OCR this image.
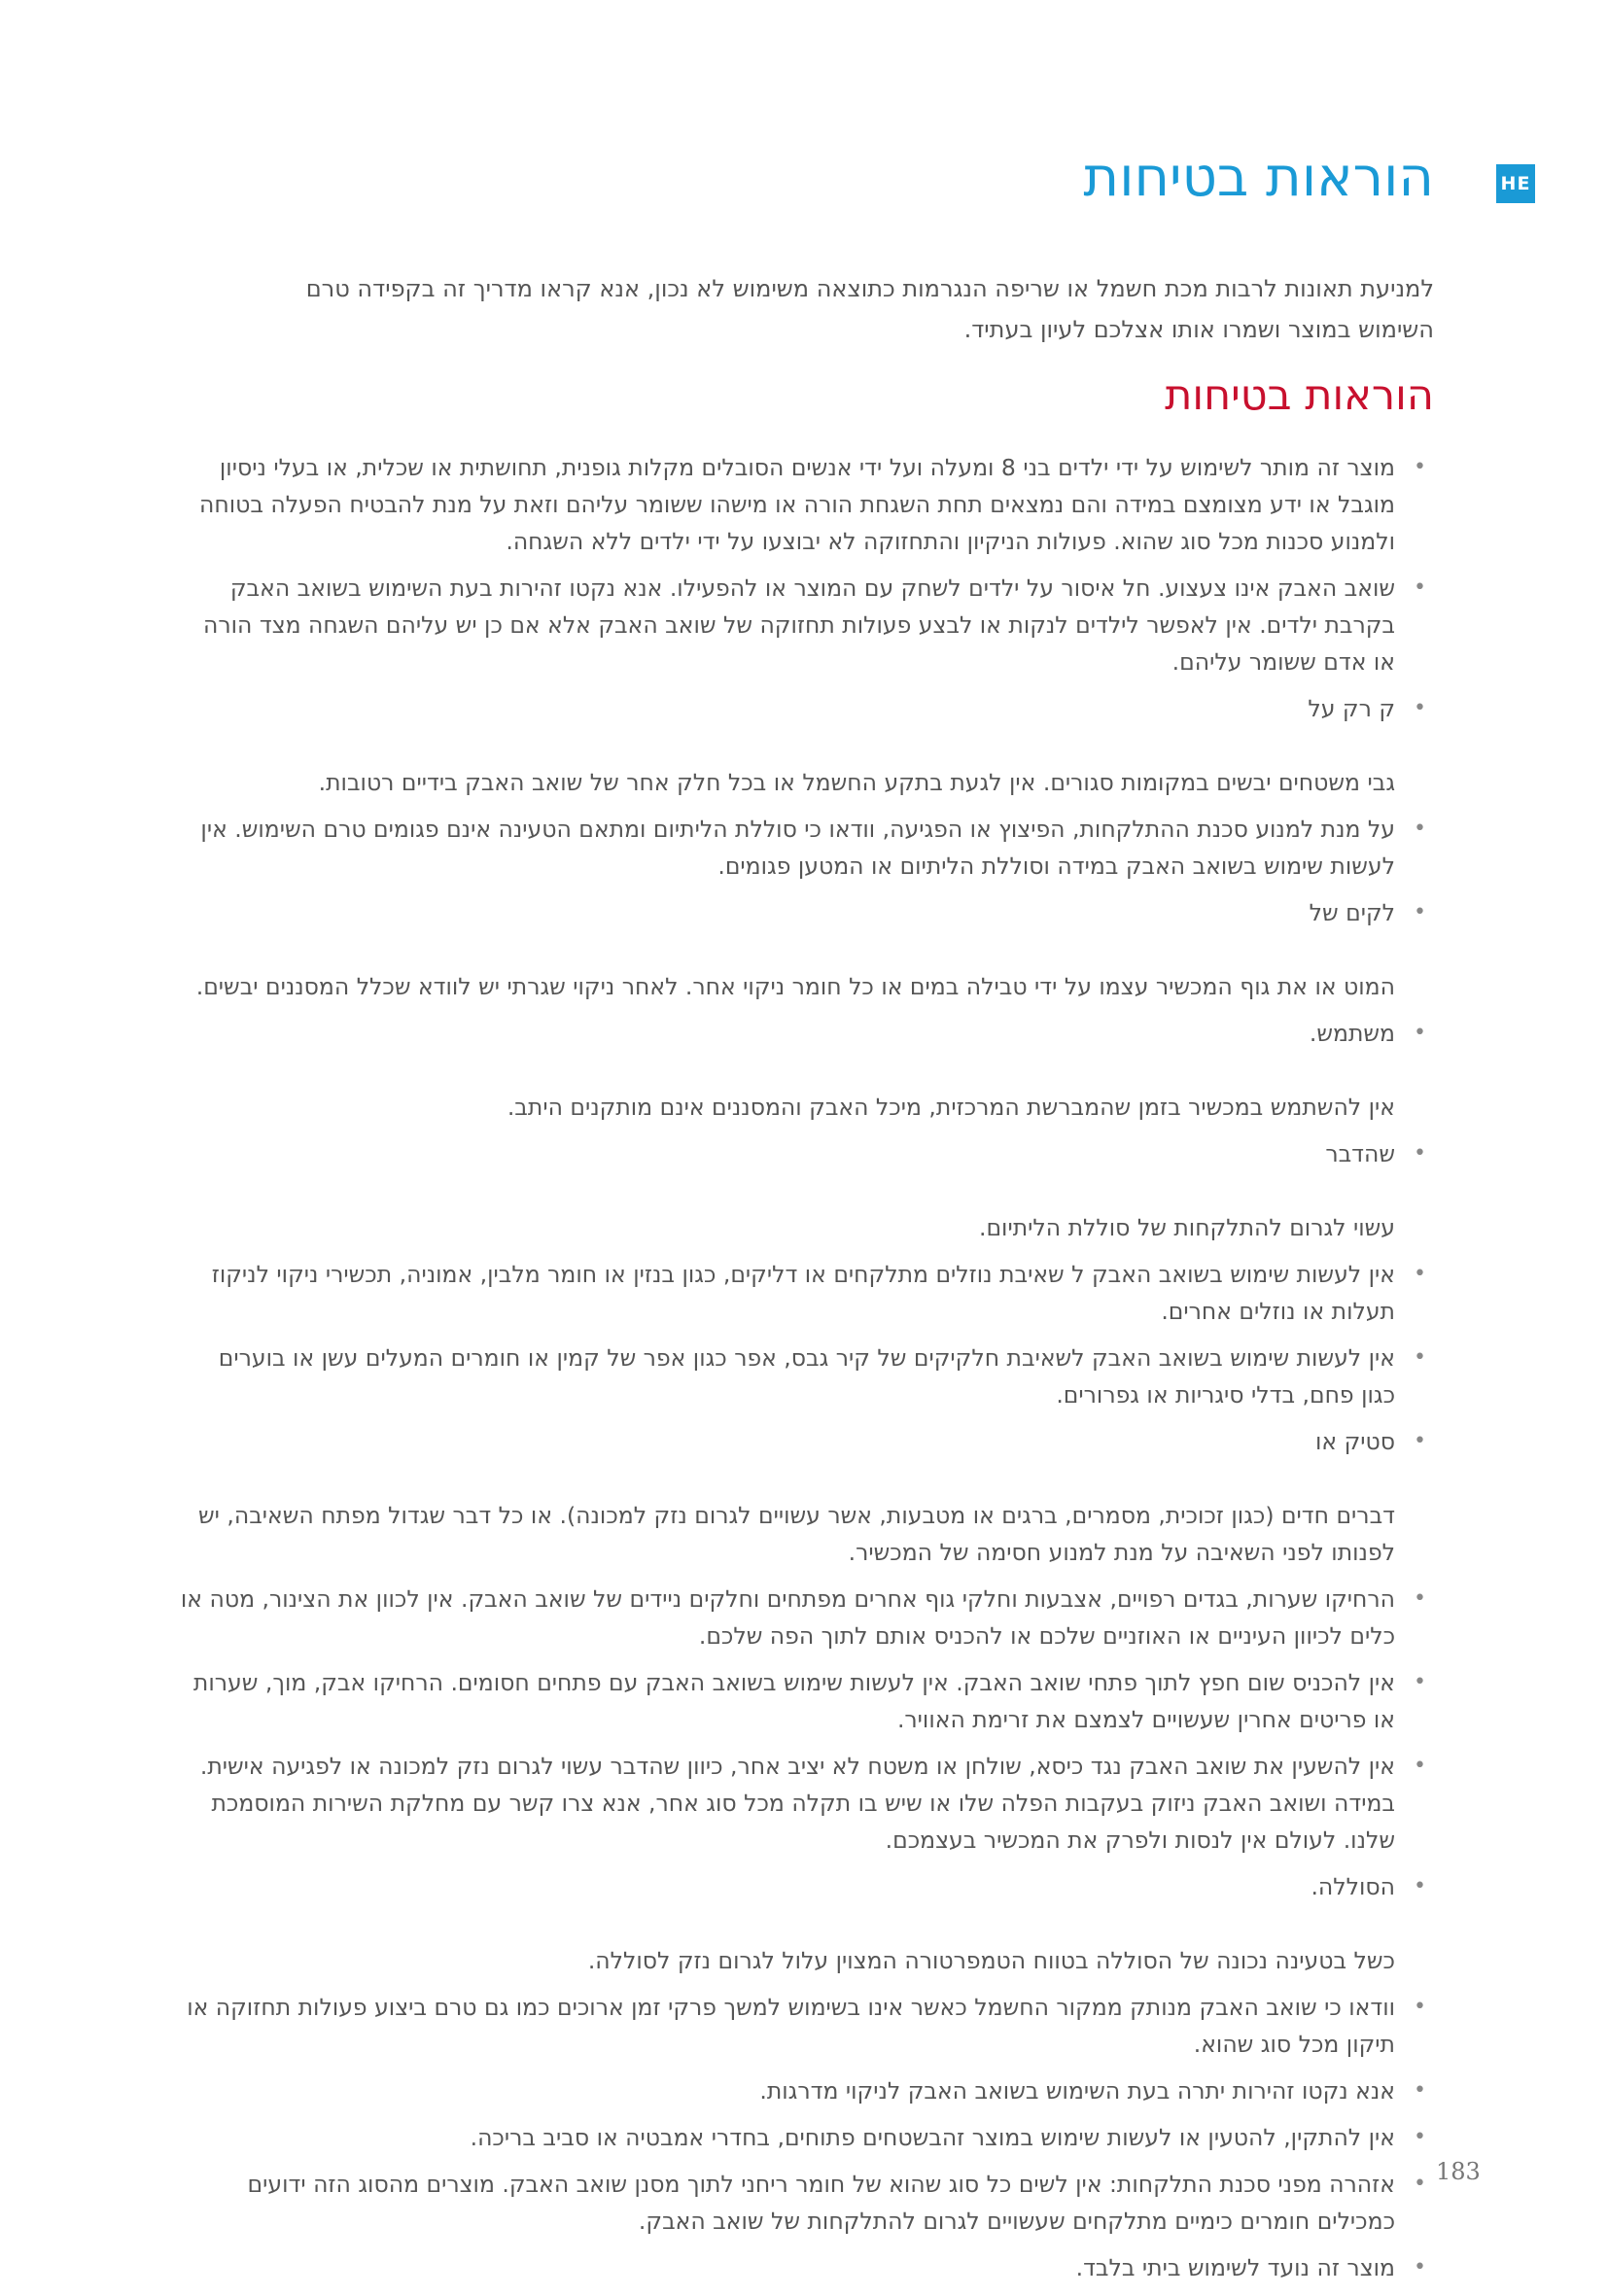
HE
הוראות בטיחות

למניעת תאונות לרבות מכת חשמל או שריפה הנגרמות כתוצאה משימוש לא נכון, אנא קראו מדריך זה בקפידה טרם השימוש במוצר ושמרו אותו אצלכם לעיון בעתיד.

הוראות בטיחות
•
מוצר זה מותר לשימוש על ידי ילדים בני 8 ומעלה ועל ידי אנשים הסובלים מקלות גופנית, תחושתית או שכלית, או בעלי ניסיון מוגבל או ידע מצומצם במידה והם נמצאים תחת השגחת הורה או מישהו ששומר עליהם וזאת על מנת להבטיח הפעלה בטוחה ולמנוע סכנות מכל סוג שהוא. פעולות הניקיון והתחזוקה לא יבוצעו על ידי ילדים ללא השגחה.
•
שואב האבק אינו צעצוע. חל איסור על ילדים לשחק עם המוצר או להפעילו. אנא נקטו זהירות בעת השימוש בשואב האבק בקרבת ילדים. אין לאפשר לילדים לנקות או לבצע פעולות תחזוקה של שואב האבק אלא אם כן יש עליהם השגחה מצד הורה או אדם ששומר עליהם.
•
ק רק על
גבי משטחים יבשים במקומות סגורים. אין לגעת בתקע החשמל או בכל חלק אחר של שואב האבק בידיים רטובות.
•
על מנת למנוע סכנת ההתלקחות, הפיצוץ או הפגיעה, וודאו כי סוללת הליתיום ומתאם הטעינה אינם פגומים טרם השימוש. אין לעשות שימוש בשואב האבק במידה וסוללת הליתיום או המטען פגומים.
•
לקים של
המוט או את גוף המכשיר עצמו על ידי טבילה במים או כל חומר ניקוי אחר. לאחר ניקוי שגרתי יש לוודא שכלל המסננים יבשים.
•
משתמש.
אין להשתמש במכשיר בזמן שהמברשת המרכזית, מיכל האבק והמסננים אינם מותקנים היתב.
•
שהדבר
עשוי לגרום להתלקחות של סוללת הליתיום.
•
אין לעשות שימוש בשואב האבק ל שאיבת נוזלים מתלקחים או דליקים, כגון בנזין או חומר מלבין, אמוניה, תכשירי ניקוי לניקוז תעלות או נוזלים אחרים.
•
אין לעשות שימוש בשואב האבק לשאיבת חלקיקים של קיר גבס, אפר כגון אפר של קמין או חומרים המעלים עשן או בוערים כגון פחם, בדלי סיגריות או גפרורים.
•
סטיק או
דברים חדים (כגון זכוכית, מסמרים, ברגים או מטבעות, אשר עשויים לגרום נזק למכונה). או כל דבר שגדול מפתח השאיבה, יש לפנותו לפני השאיבה על מנת למנוע חסימה של המכשיר.
•
הרחיקו שערות, בגדים רפויים, אצבעות וחלקי גוף אחרים מפתחים וחלקים ניידים של שואב האבק. אין לכוון את הצינור, מטה או כלים לכיוון העיניים או האוזניים שלכם או להכניס אותם לתוך הפה שלכם.
•
אין להכניס שום חפץ לתוך פתחי שואב האבק. אין לעשות שימוש בשואב האבק עם פתחים חסומים. הרחיקו אבק, מוך, שערות או פריטים אחרין שעשויים לצמצם את זרימת האוויר.
•
אין להשעין את שואב האבק נגד כיסא, שולחן או משטח לא יציב אחר, כיוון שהדבר עשוי לגרום נזק למכונה או לפגיעה אישית. במידה ושואב האבק ניזוק בעקבות הפלה שלו או שיש בו תקלה מכל סוג אחר, אנא צרו קשר עם מחלקת השירות המוסמכת שלנו. לעולם אין לנסות ולפרק את המכשיר בעצמכם.
•
הסוללה.
כשל בטעינה נכונה של הסוללה בטווח הטמפרטורה המצוין עלול לגרום נזק לסוללה.
•
וודאו כי שואב האבק מנותק ממקור החשמל כאשר אינו בשימוש למשך פרקי זמן ארוכים כמו גם טרם ביצוע פעולות תחזוקה או תיקון מכל סוג שהוא.
•
אנא נקטו זהירות יתרה בעת השימוש בשואב האבק לניקוי מדרגות.
•
אין להתקין, להטעין או לעשות שימוש במוצר זהבשטחים פתוחים, בחדרי אמבטיה או סביב בריכה.
•
אזהרה מפני סכנת התלקחות: אין לשים כל סוג שהוא של חומר ריחני לתוך מסנן שואב האבק. מוצרים מהסוג הזה ידועים כמכילים חומרים כימיים מתלקחים שעשויים לגרום להתלקחות של שואב האבק.
•
מוצר זה נועד לשימוש ביתי בלבד.
183
